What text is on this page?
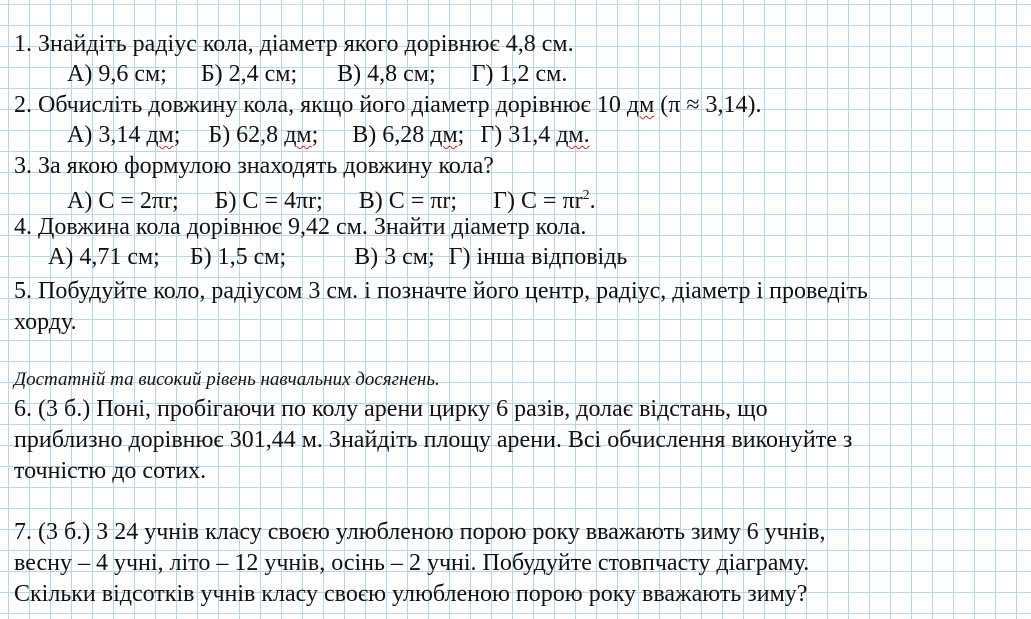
1. Знайдіть радіус кола, діаметр якого дорівнює 4,8 см.
А) 9,6 см; Б) 2,4 см; В) 4,8 см; Г) 1,2 см.
2. Обчисліть довжину кола, якщо його діаметр дорівнює 10 дм (π ≈ 3,14).
А) 3,14 дм; Б) 62,8 дм; В) 6,28 дм; Г) 31,4 дм.
3. За якою формулою знаходять довжину кола?
А) С = 2πr; Б) С = 4πr; В) С = πr; Г) $С = \pi r^2$.
4. Довжина кола дорівнює 9,42 см. Знайти діаметр кола.
А) 4,71 см; Б) 1,5 см;	В) 3 см; Г) інша відповідь
5. Побудуйте коло, радіусом 3 см. і позначте його центр, радіус, діаметр і проведіть
хорду.
Достатній та високий рівень навчальних досягнень.
6. (3 б.) Поні, пробігаючи по колу арени цирку 6 разів, долає відстань, що
приблизно дорівнює 301,44 м. Знайдіть площу арени. Всі обчислення виконуйте з
точністю до сотих.
7. (3 б.) З 24 учнів класу своєю улюбленою порою року вважають зиму 6 учнів,
весну – 4 учні, літо – 12 учнів, осінь – 2 учні. Побудуйте стовпчасту діаграму.
Скільки відсотків учнів класу своєю улюбленою порою року вважають зиму?
